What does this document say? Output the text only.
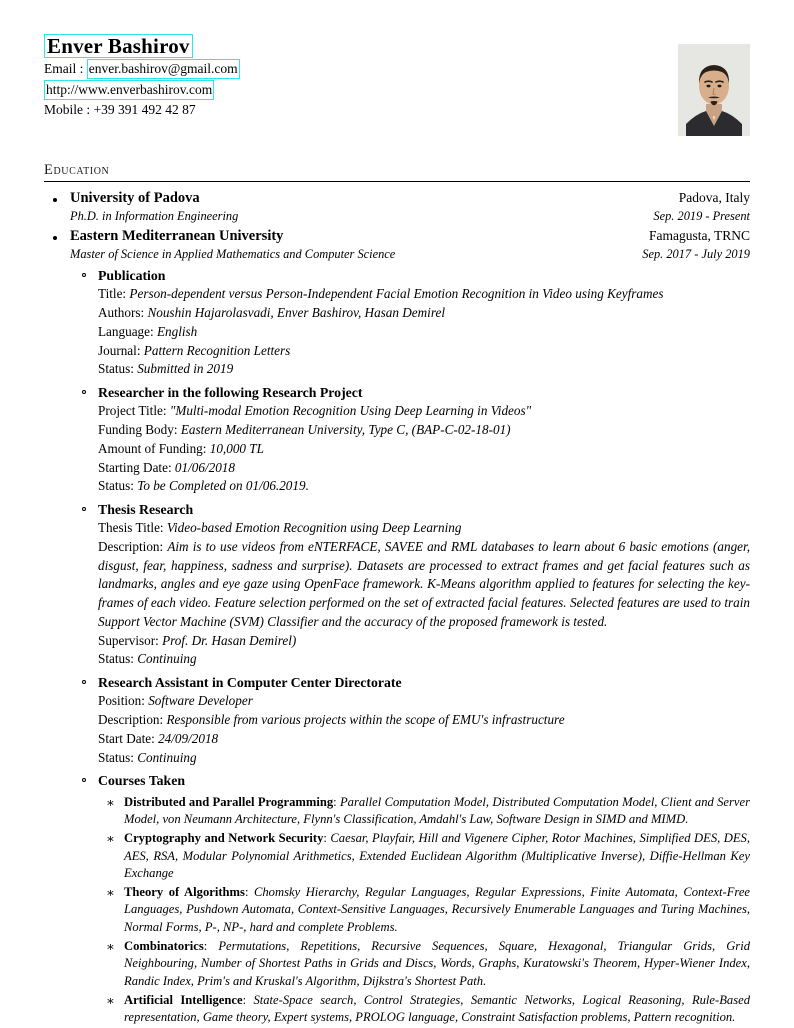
Enver Bashirov
Email : enver.bashirov@gmail.com
http://www.enverbashirov.com
Mobile : +39 391 492 42 87
Education
University of Padova	Padova, Italy
Ph.D. in Information Engineering	Sep. 2019 - Present
Eastern Mediterranean University	Famagusta, TRNC
Master of Science in Applied Mathematics and Computer Science	Sep. 2017 - July 2019
Publication
Title: Person-dependent versus Person-Independent Facial Emotion Recognition in Video using Keyframes
Authors: Noushin Hajarolasvadi, Enver Bashirov, Hasan Demirel
Language: English
Journal: Pattern Recognition Letters
Status: Submitted in 2019
Researcher in the following Research Project
Project Title: "Multi-modal Emotion Recognition Using Deep Learning in Videos"
Funding Body: Eastern Mediterranean University, Type C, (BAP-C-02-18-01)
Amount of Funding: 10,000 TL
Starting Date: 01/06/2018
Status: To be Completed on 01/06.2019.
Thesis Research
Thesis Title: Video-based Emotion Recognition using Deep Learning
Description: Aim is to use videos from eNTERFACE, SAVEE and RML databases to learn about 6 basic emotions (anger, disgust, fear, happiness, sadness and surprise). Datasets are processed to extract frames and get facial features such as landmarks, angles and eye gaze using OpenFace framework. K-Means algorithm applied to features for selecting the key-frames of each video. Feature selection performed on the set of extracted facial features. Selected features are used to train Support Vector Machine (SVM) Classifier and the accuracy of the proposed framework is tested.
Supervisor: Prof. Dr. Hasan Demirel)
Status: Continuing
Research Assistant in Computer Center Directorate
Position: Software Developer
Description: Responsible from various projects within the scope of EMU's infrastructure
Start Date: 24/09/2018
Status: Continuing
Courses Taken
∗ Distributed and Parallel Programming: Parallel Computation Model, Distributed Computation Model, Client and Server Model, von Neumann Architecture, Flynn's Classification, Amdahl's Law, Software Design in SIMD and MIMD.
∗ Cryptography and Network Security: Caesar, Playfair, Hill and Vigenere Cipher, Rotor Machines, Simplified DES, DES, AES, RSA, Modular Polynomial Arithmetics, Extended Euclidean Algorithm (Multiplicative Inverse), Diffie-Hellman Key Exchange
∗ Theory of Algorithms: Chomsky Hierarchy, Regular Languages, Regular Expressions, Finite Automata, Context-Free Languages, Pushdown Automata, Context-Sensitive Languages, Recursively Enumerable Languages and Turing Machines, Normal Forms, P-, NP-, hard and complete Problems.
∗ Combinatorics: Permutations, Repetitions, Recursive Sequences, Square, Hexagonal, Triangular Grids, Grid Neighbouring, Number of Shortest Paths in Grids and Discs, Words, Graphs, Kuratowski's Theorem, Hyper-Wiener Index, Randic Index, Prim's and Kruskal's Algorithm, Dijkstra's Shortest Path.
∗ Artificial Intelligence: State-Space search, Control Strategies, Semantic Networks, Logical Reasoning, Rule-Based representation, Game theory, Expert systems, PROLOG language, Constraint Satisfaction problems, Pattern recognition.
